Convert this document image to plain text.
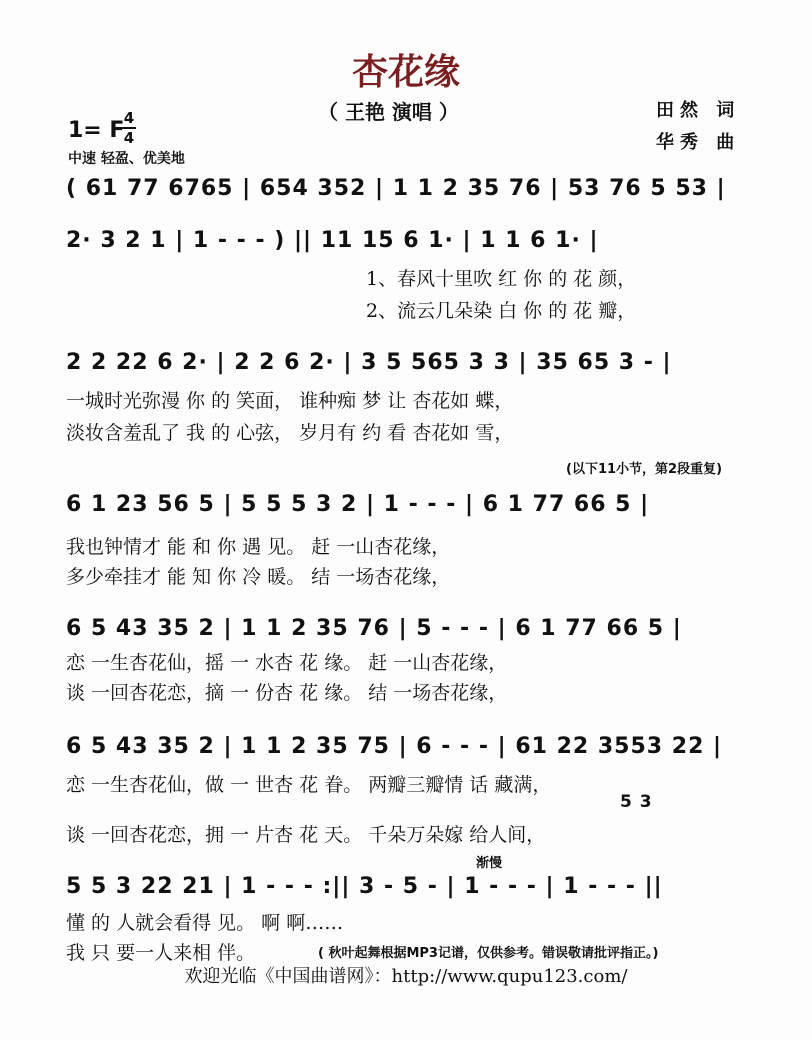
杏花缘
（ 王艳 演唱 ）	田然 词
华秀 曲
1= F 4
4
中速 轻盈、优美地
( 61 77 6765 | 654 352 | 1 1 2 35 76 | 53 76 5 53 |
2· 3 2 1 | 1 - - - ) || 11 15 6 1· | 1 1 6 1· |
1、春风十里吹 红 你 的 花 颜，
2、流云几朵染 白 你 的 花 瓣，
2 2 22 6 2· | 2 2 6 2· | 3 5 565 3 3 | 35 65 3 - |
一城时光弥漫 你 的 笑面， 谁种痴 梦 让 杏花如 蝶，
淡妆含羞乱了 我 的 心弦， 岁月有 约 看 杏花如 雪，
(以下11小节，第2段重复)
6 1 23 56 5 | 5 5 5 3 2 | 1 - - - | 6 1 77 66 5 |
我也钟情才 能 和 你 遇 见。 赶 一山杏花缘，
多少牵挂才 能 知 你 冷 暖。 结 一场杏花缘，
6 5 43 35 2 | 1 1 2 35 76 | 5 - - - | 6 1 77 66 5 |
恋 一生杏花仙，摇 一 水杏 花 缘。 赶 一山杏花缘，
谈 一回杏花恋，摘 一 份杏 花 缘。 结 一场杏花缘，
6 5 43 35 2 | 1 1 2 35 75 | 6 - - - | 61 22 3553 22 |
恋 一生杏花仙，做 一 世杏 花 眷。 两瓣三瓣情 话 藏满，
5 3
谈 一回杏花恋，拥 一 片杏 花 天。 千朵万朵嫁 给人间，
渐慢
5 5 3 22 21 | 1 - - - :|| 3 - 5 - | 1 - - - | 1 - - - ||
懂 的 人就会看得 见。 啊 啊……
我 只 要一人来相 伴。	( 秋叶起舞根据MP3记谱，仅供参考。错误敬请批评指正。)
欢迎光临《中国曲谱网》：http://www.qupu123.com/
